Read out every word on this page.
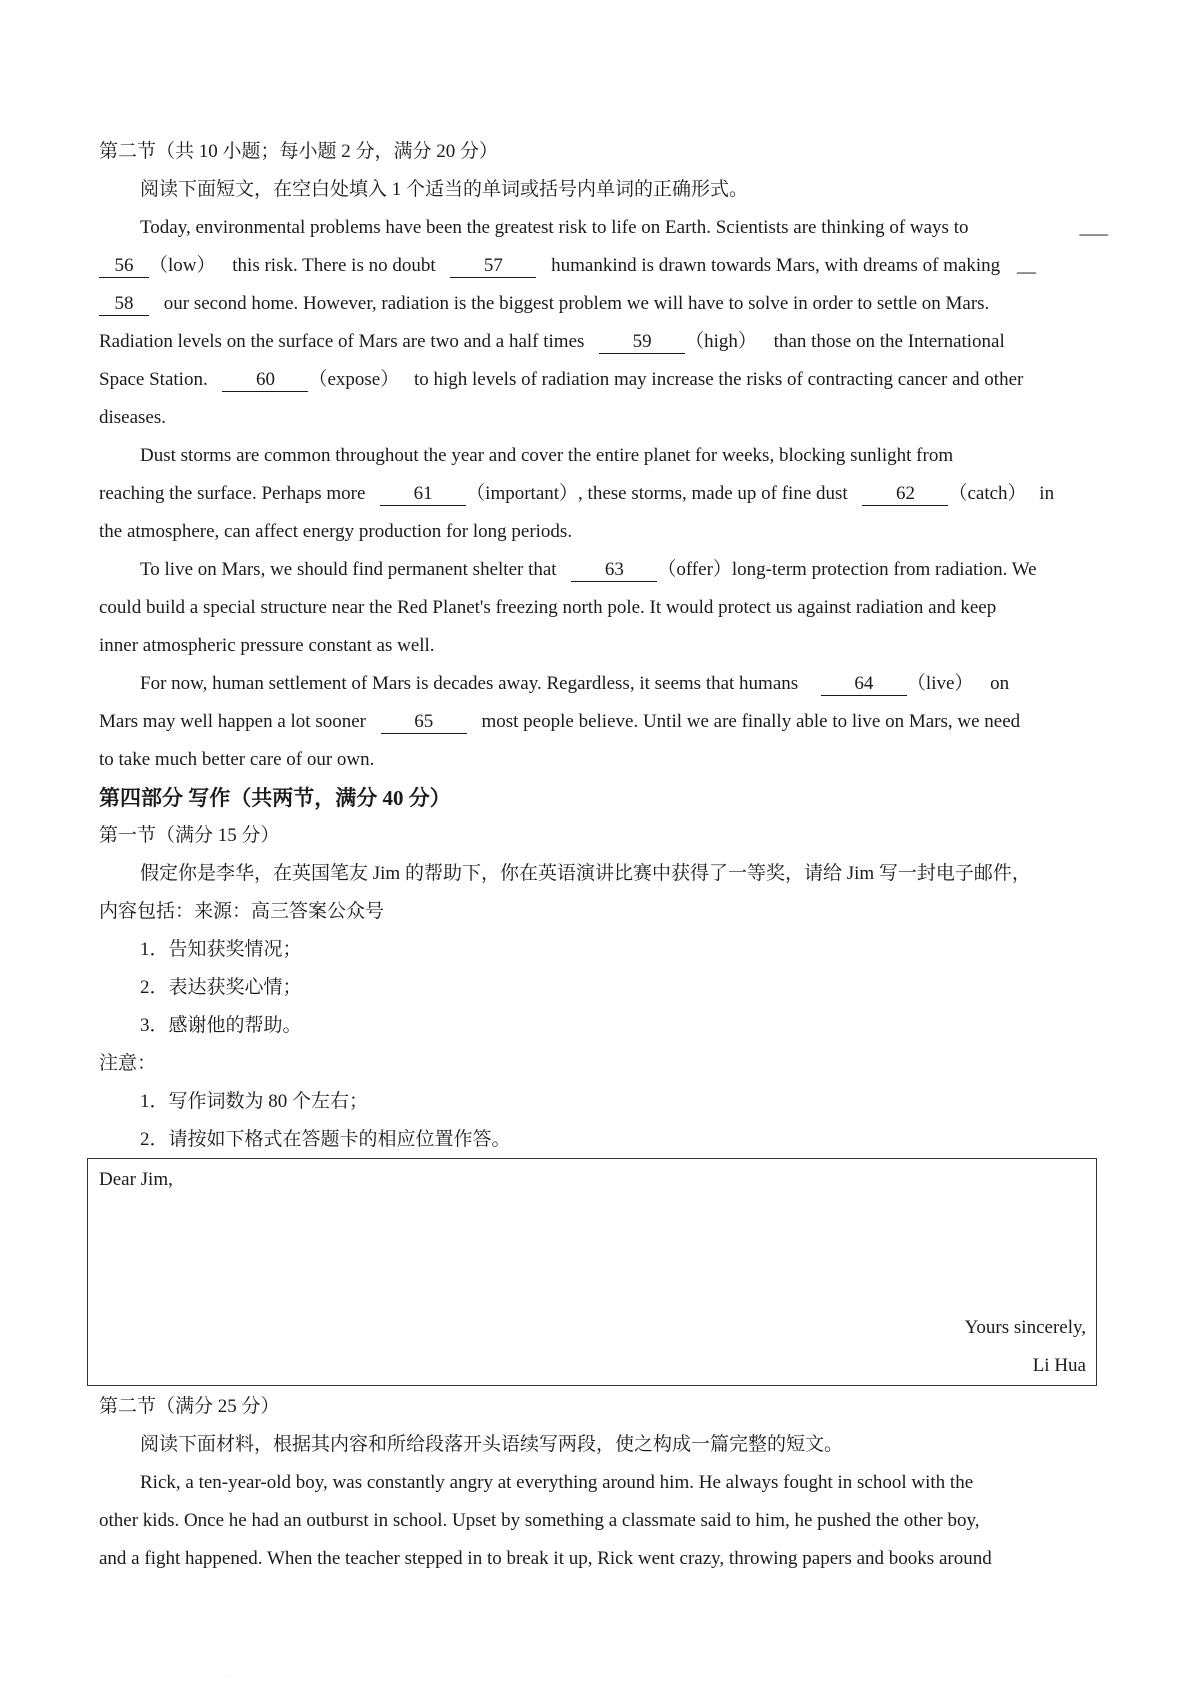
第二节（共 10 小题；每小题 2 分，满分 20 分）
阅读下面短文，在空白处填入 1 个适当的单词或括号内单词的正确形式。
Today, environmental problems have been the greatest risk to life on Earth. Scientists are thinking of ways to	___
56 （low） this risk. There is no doubt	57	humankind is drawn towards Mars, with dreams of making __
58 our second home. However, radiation is the biggest problem we will have to solve in order to settle on Mars.
Radiation levels on the surface of Mars are two and a half times	59 （high） than those on the International
Space Station.	60 （expose） to high levels of radiation may increase the risks of contracting cancer and other
diseases.
Dust storms are common throughout the year and cover the entire planet for weeks, blocking sunlight from
reaching the surface. Perhaps more	61 （important）, these storms, made up of fine dust	62 （catch） in
the atmosphere, can affect energy production for long periods.
To live on Mars, we should find permanent shelter that	63 （offer）long-term protection from radiation. We
could build a special structure near the Red Planet's freezing north pole. It would protect us against radiation and keep
inner atmospheric pressure constant as well.
For now, human settlement of Mars is decades away. Regardless, it seems that humans	64 （live） on
Mars may well happen a lot sooner	65	most people believe. Until we are finally able to live on Mars, we need
to take much better care of our own.
第四部分 写作（共两节，满分 40 分）
第一节（满分 15 分）
假定你是李华，在英国笔友 Jim 的帮助下，你在英语演讲比赛中获得了一等奖，请给 Jim 写一封电子邮件，
内容包括：来源：高三答案公众号
1．告知获奖情况；
2．表达获奖心情；
3．感谢他的帮助。
注意：
1．写作词数为 80 个左右；
2．请按如下格式在答题卡的相应位置作答。
Dear Jim,
Yours sincerely,
Li Hua
第二节（满分 25 分）
阅读下面材料，根据其内容和所给段落开头语续写两段，使之构成一篇完整的短文。
Rick, a ten-year-old boy, was constantly angry at everything around him. He always fought in school with the
other kids. Once he had an outburst in school. Upset by something a classmate said to him, he pushed the other boy,
and a fight happened. When the teacher stepped in to break it up, Rick went crazy, throwing papers and books around
·
